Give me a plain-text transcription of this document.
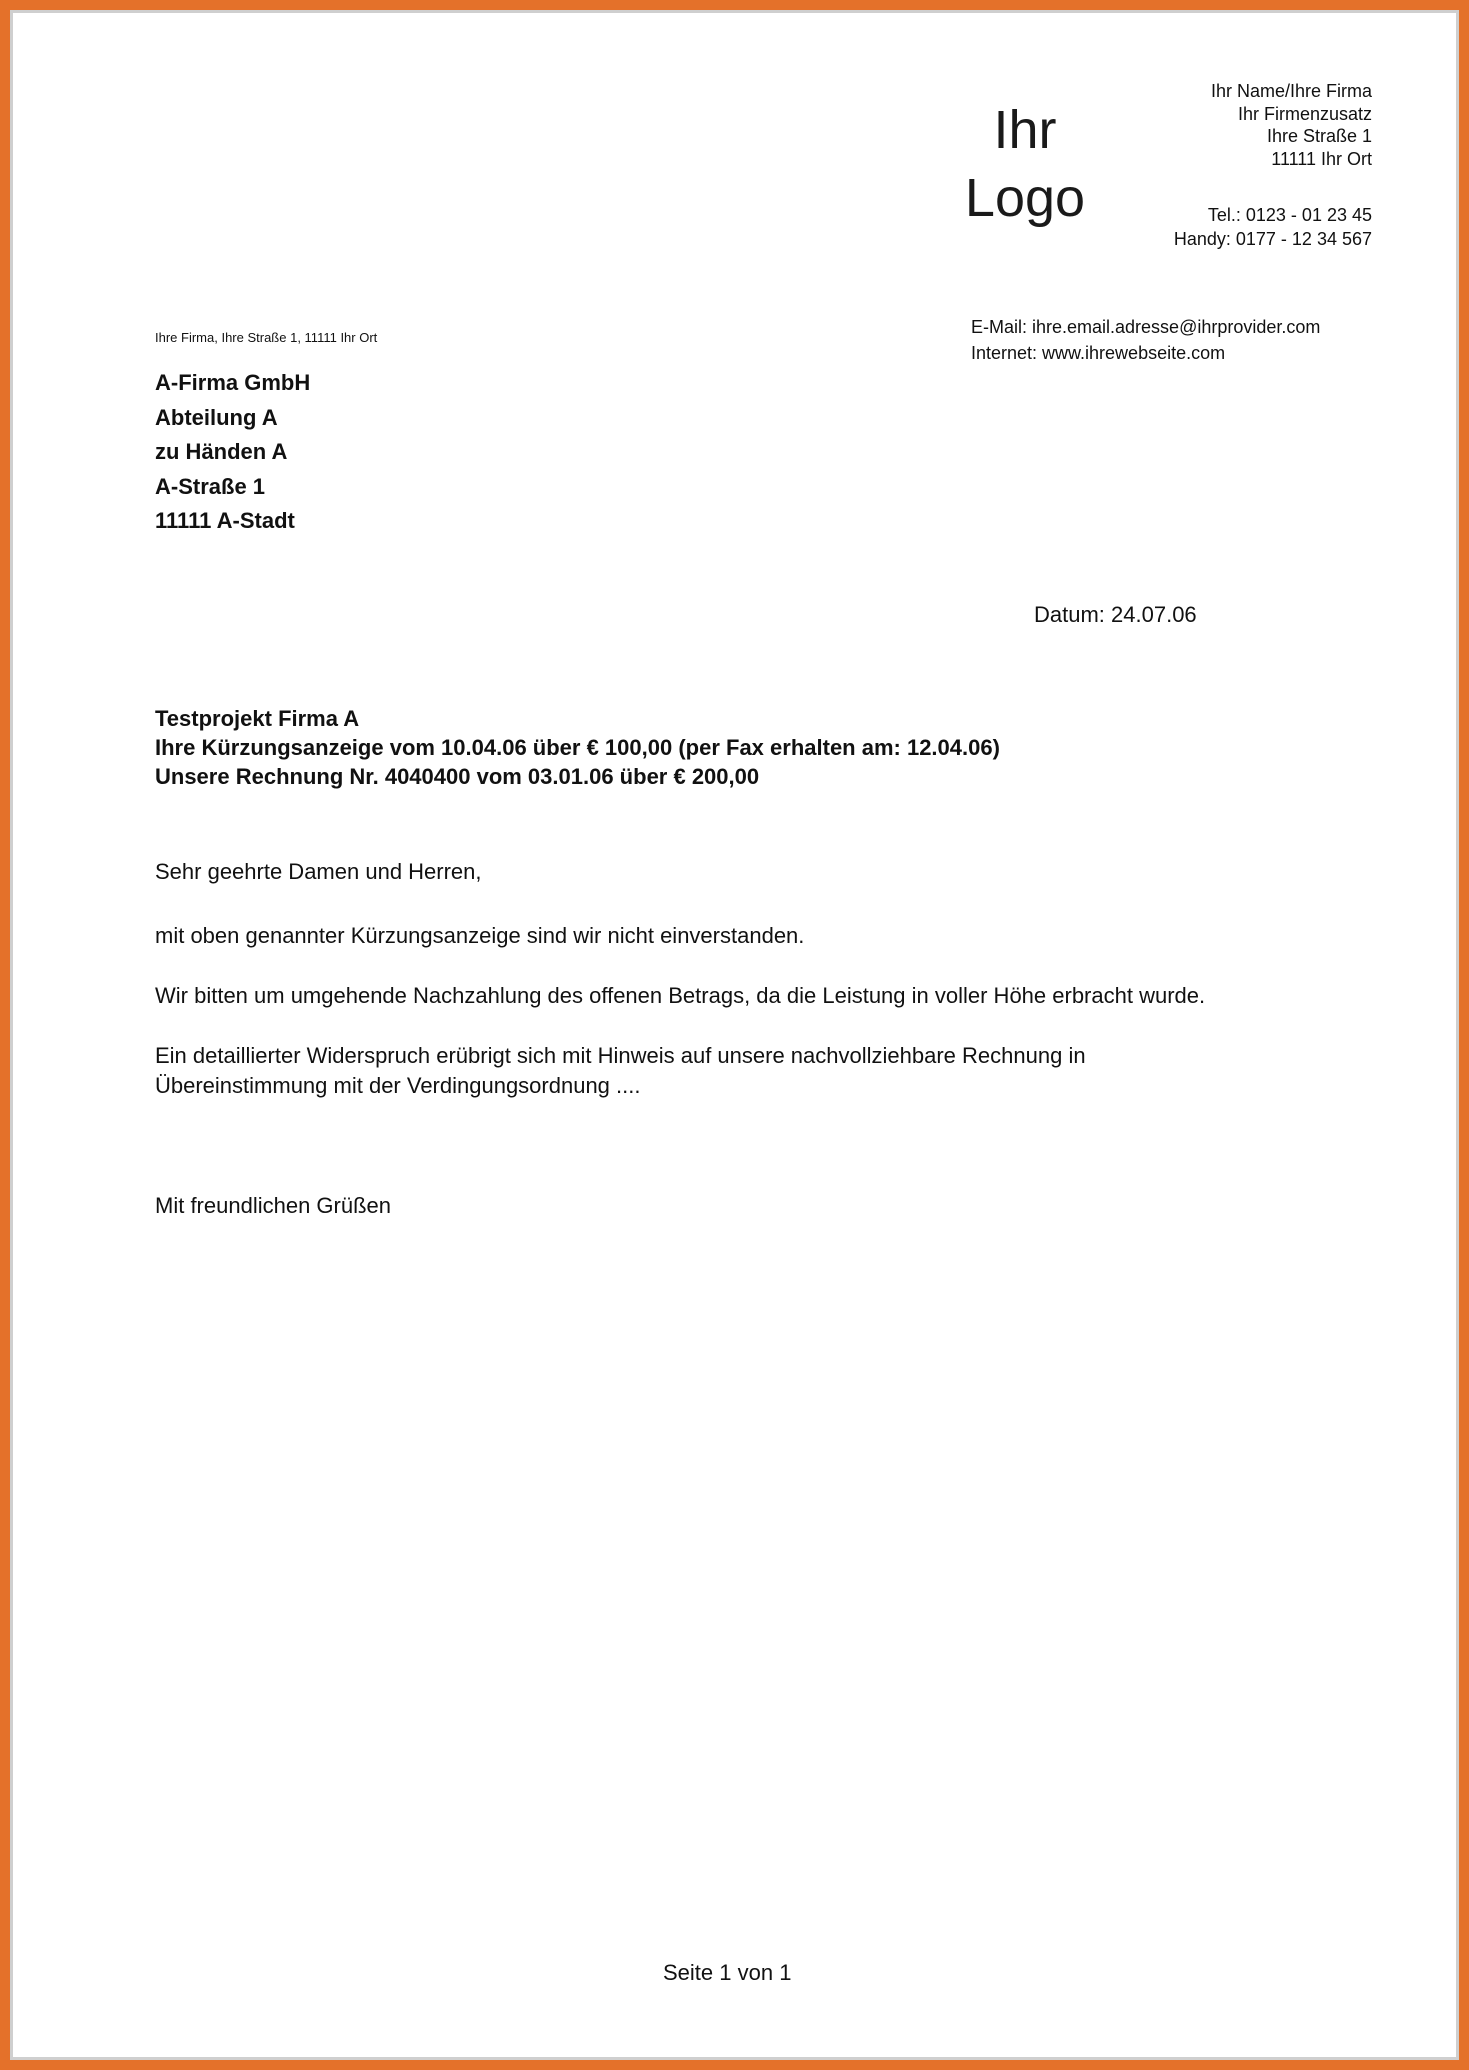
Ihr
Logo
Ihr Name/Ihre Firma
Ihr Firmenzusatz
Ihre Straße 1
11111 Ihr Ort
Tel.: 0123 - 01 23 45
Handy: 0177 - 12 34 567
E-Mail: ihre.email.adresse@ihrprovider.com
Internet: www.ihrewebseite.com
Ihre Firma, Ihre Straße 1, 11111 Ihr Ort
A-Firma GmbH
Abteilung A
zu Händen A
A-Straße 1
11111 A-Stadt
Datum: 24.07.06
Testprojekt Firma A
Ihre Kürzungsanzeige vom 10.04.06 über € 100,00 (per Fax erhalten am: 12.04.06)
Unsere Rechnung Nr. 4040400 vom 03.01.06 über € 200,00
Sehr geehrte Damen und Herren,
mit oben genannter Kürzungsanzeige sind wir nicht einverstanden.
Wir bitten um umgehende Nachzahlung des offenen Betrags, da die Leistung in voller Höhe erbracht wurde.
Ein detaillierter Widerspruch erübrigt sich mit Hinweis auf unsere nachvollziehbare Rechnung in
Übereinstimmung mit der Verdingungsordnung ....
Mit freundlichen Grüßen
Seite 1 von 1
